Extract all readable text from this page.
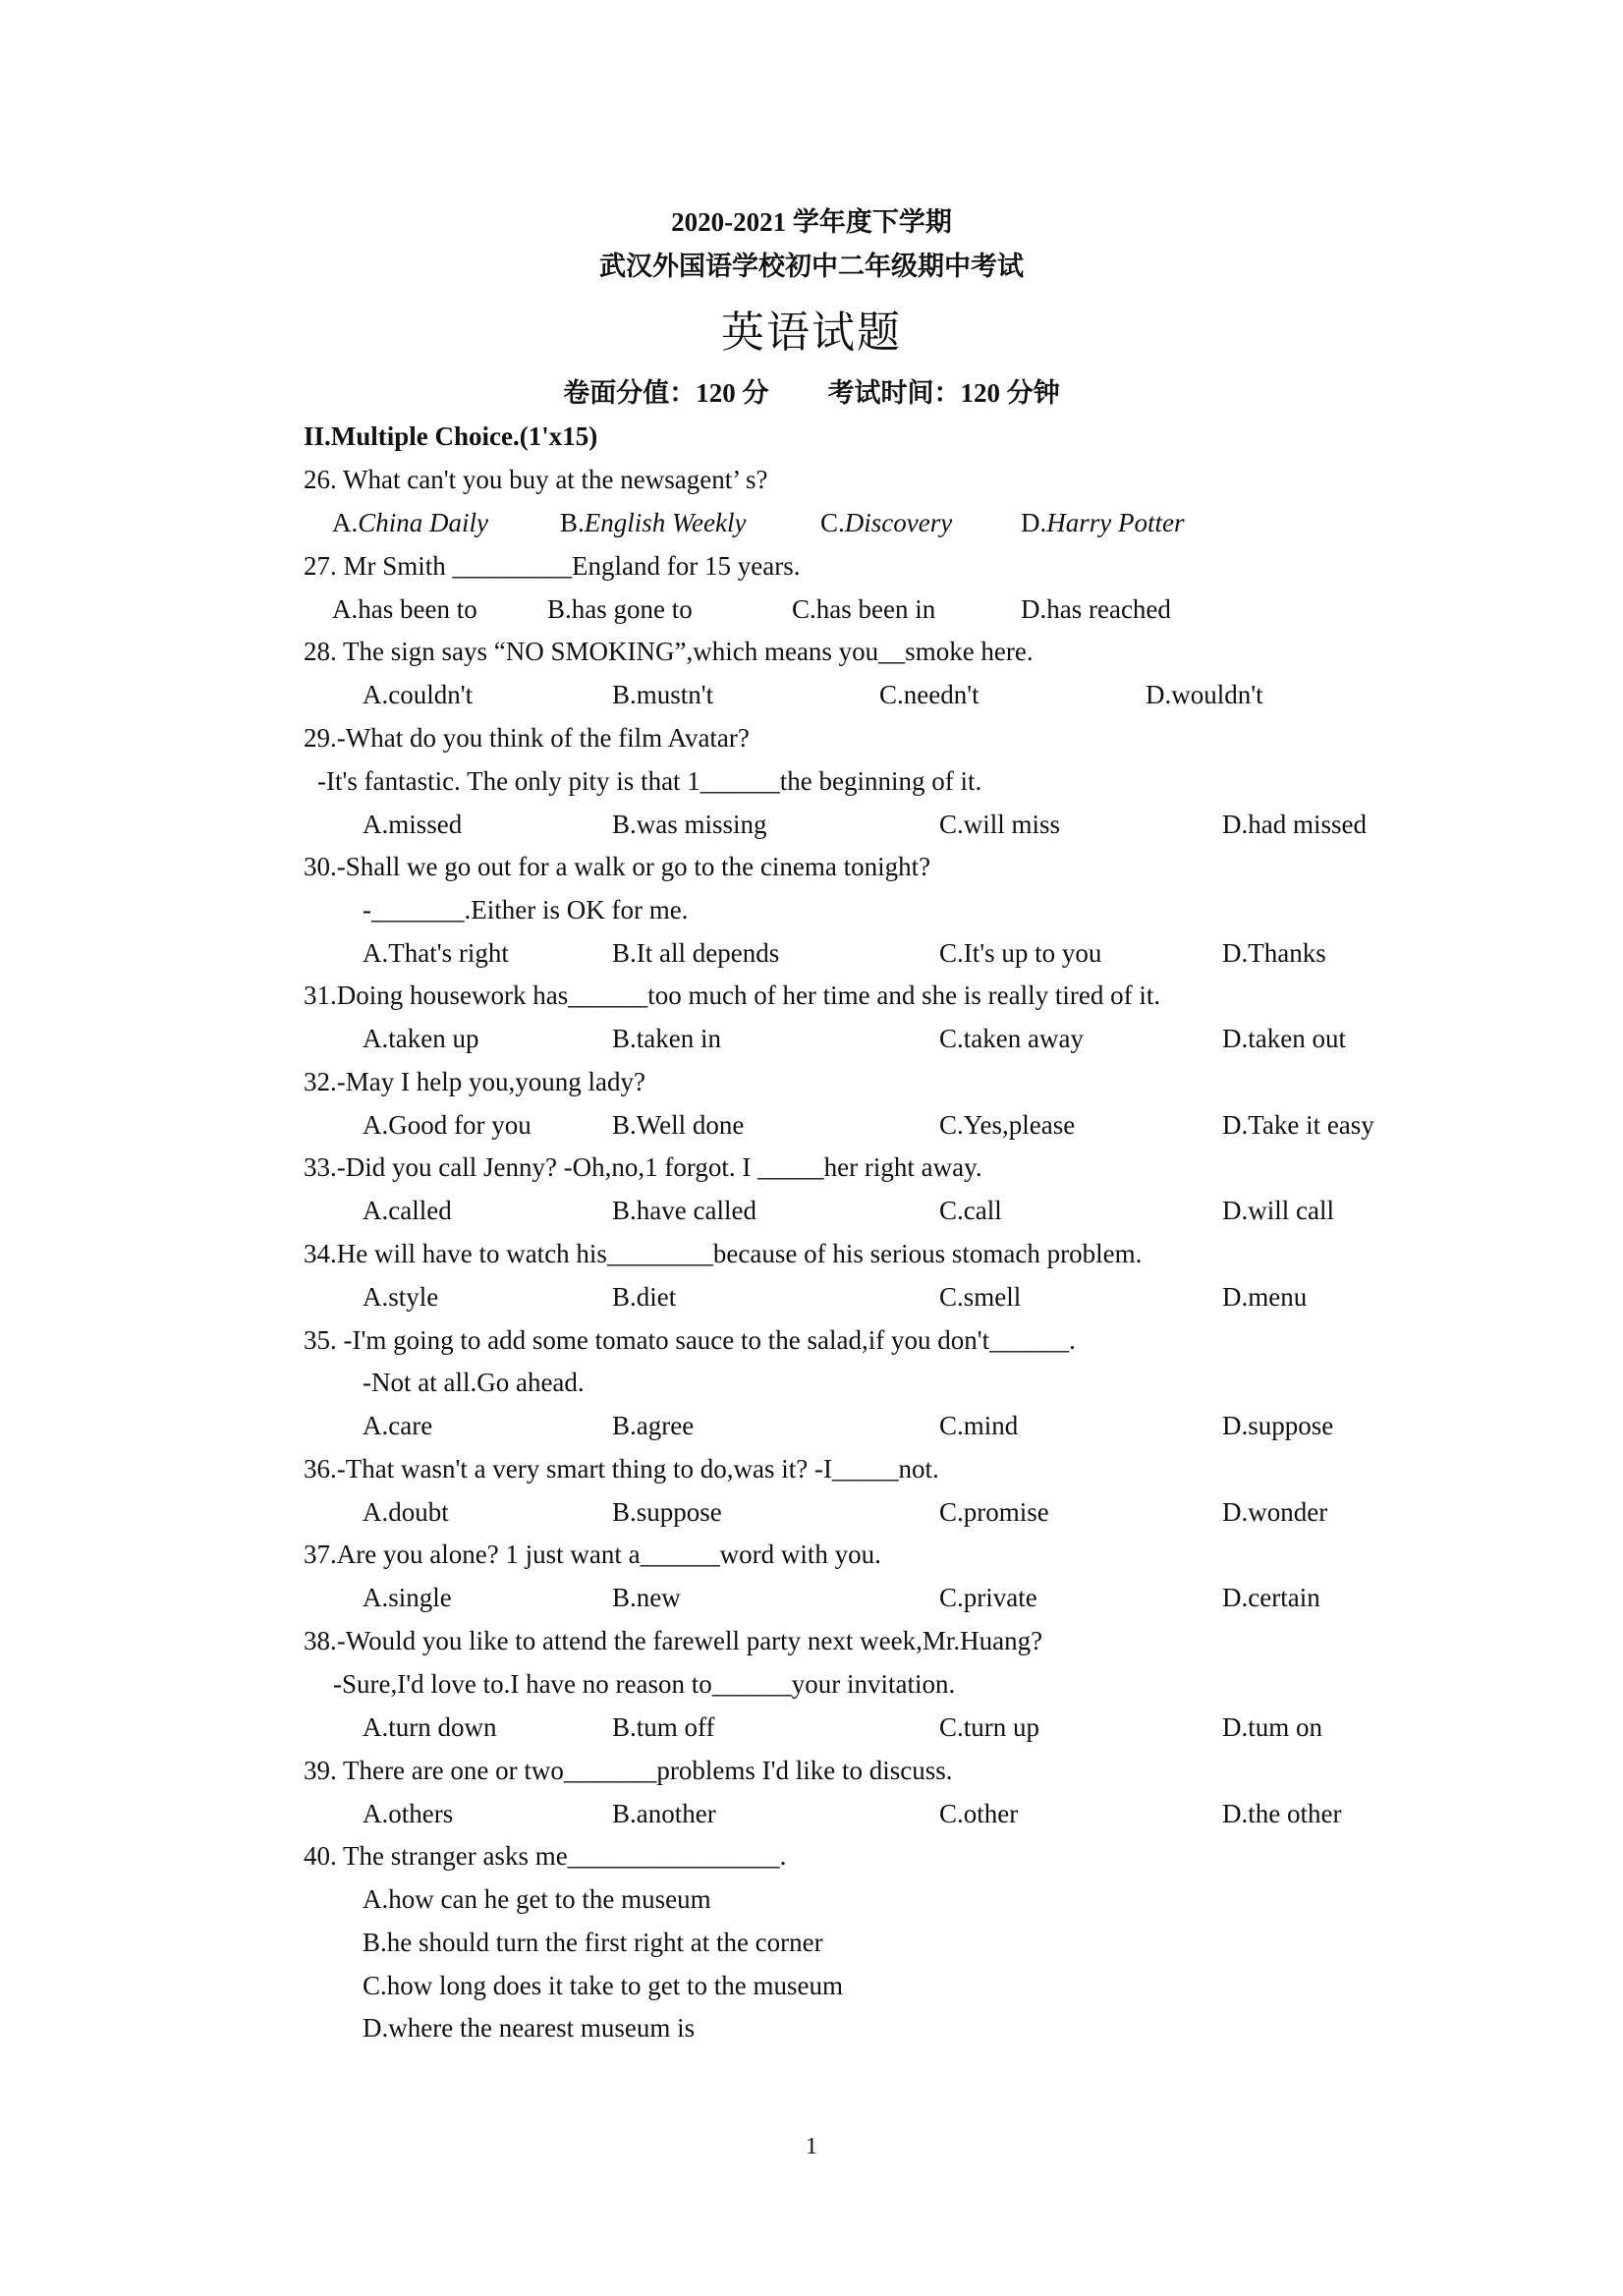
2020-2021 学年度下学期
武汉外国语学校初中二年级期中考试
英语试题
卷面分值：120 分 考试时间：120 分钟
II.Multiple Choice.(1'x15)
26. What can't you buy at the newsagent’ s?
A.China Daily	B.English Weekly	C.Discovery	D.Harry Potter
27. Mr Smith _________England for 15 years.
A.has been to	B.has gone to	C.has been in	D.has reached
28. The sign says “NO SMOKING”,which means you__smoke here.
A.couldn't	B.mustn't	C.needn't	D.wouldn't
29.-What do you think of the film Avatar?
-It's fantastic. The only pity is that 1______the beginning of it.
A.missed	B.was missing	C.will miss	D.had missed
30.-Shall we go out for a walk or go to the cinema tonight?
-_______.Either is OK for me.
A.That's right	B.It all depends	C.It's up to you	D.Thanks
31.Doing housework has______too much of her time and she is really tired of it.
A.taken up	B.taken in	C.taken away	D.taken out
32.-May I help you,young lady?
A.Good for you	B.Well done	C.Yes,please	D.Take it easy
33.-Did you call Jenny? -Oh,no,1 forgot. I _____her right away.
A.called	B.have called	C.call	D.will call
34.He will have to watch his________because of his serious stomach problem.
A.style	B.diet	C.smell	D.menu
35. -I'm going to add some tomato sauce to the salad,if you don't______.
-Not at all.Go ahead.
A.care	B.agree	C.mind	D.suppose
36.-That wasn't a very smart thing to do,was it? -I_____not.
A.doubt	B.suppose	C.promise	D.wonder
37.Are you alone? 1 just want a______word with you.
A.single	B.new	C.private	D.certain
38.-Would you like to attend the farewell party next week,Mr.Huang?
-Sure,I'd love to.I have no reason to______your invitation.
A.turn down	B.tum off	C.turn up	D.tum on
39. There are one or two_______problems I'd like to discuss.
A.others	B.another	C.other	D.the other
40. The stranger asks me________________.
A.how can he get to the museum
B.he should turn the first right at the corner
C.how long does it take to get to the museum
D.where the nearest museum is
1
